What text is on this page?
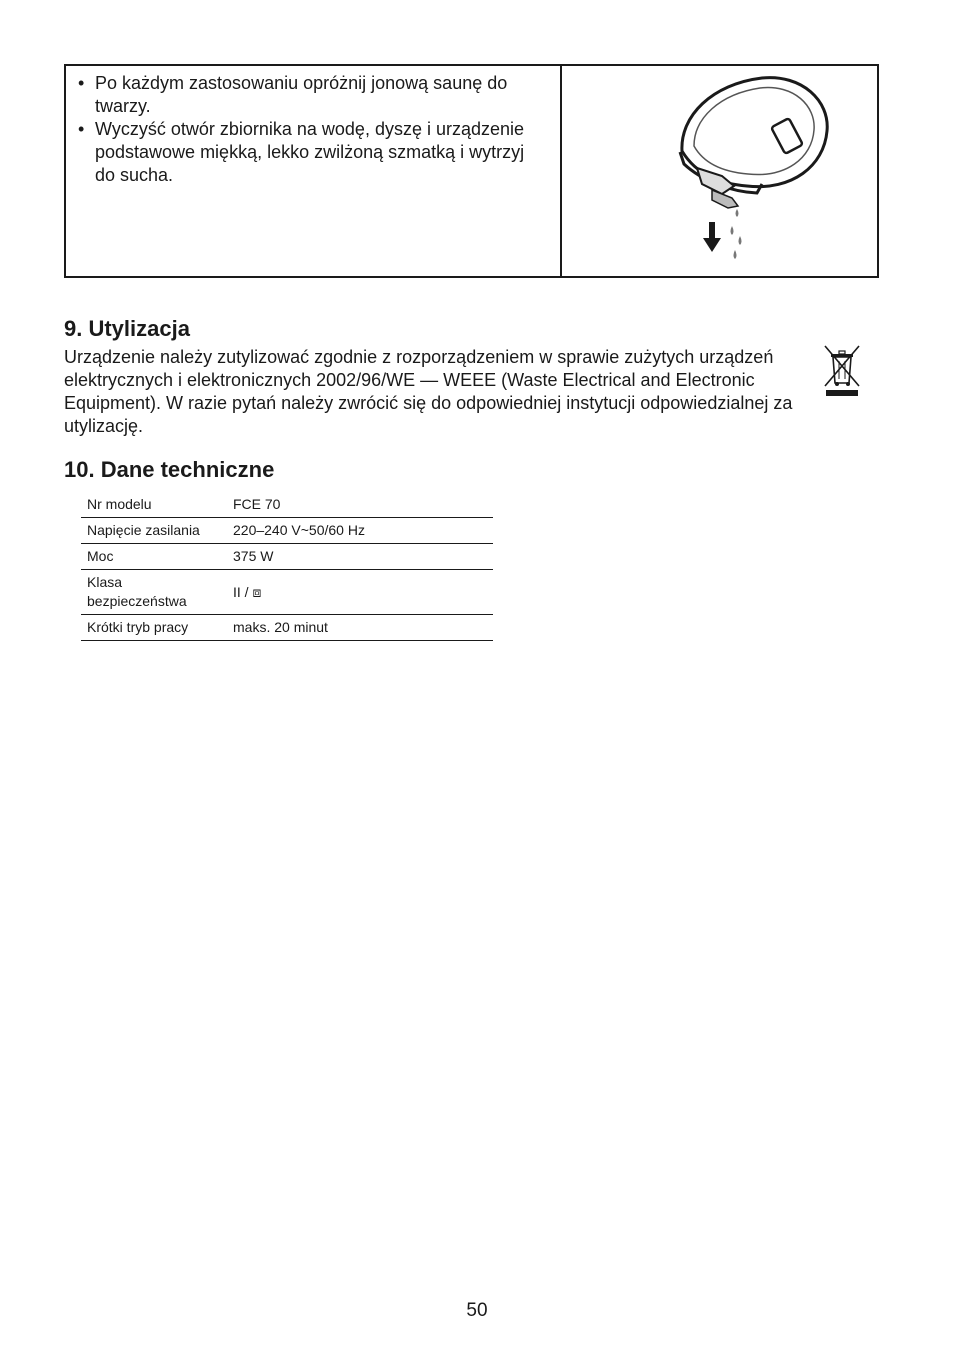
• Po każdym zastosowaniu opróżnij jonową saunę do twarzy.
• Wyczyść otwór zbiornika na wodę, dyszę i urządzenie podstawowe miękką, lekko zwilżoną szmatką i wytrzyj do sucha.
9. Utylizacja
Urządzenie należy zutylizować zgodnie z rozporządzeniem w sprawie zużytych urządzeń elektrycznych i elektronicznych 2002/96/WE — WEEE (Waste Electrical and Electronic Equipment). W razie pytań należy zwrócić się do odpowiedniej instytucji odpowiedzialnej za utylizację.
10. Dane techniczne
Nr modelu	FCE 70
Napięcie zasilania	220–240 V~50/60 Hz
Moc	375 W
Klasa bezpieczeństwa	II / ⧈
Krótki tryb pracy	maks. 20 minut
50
